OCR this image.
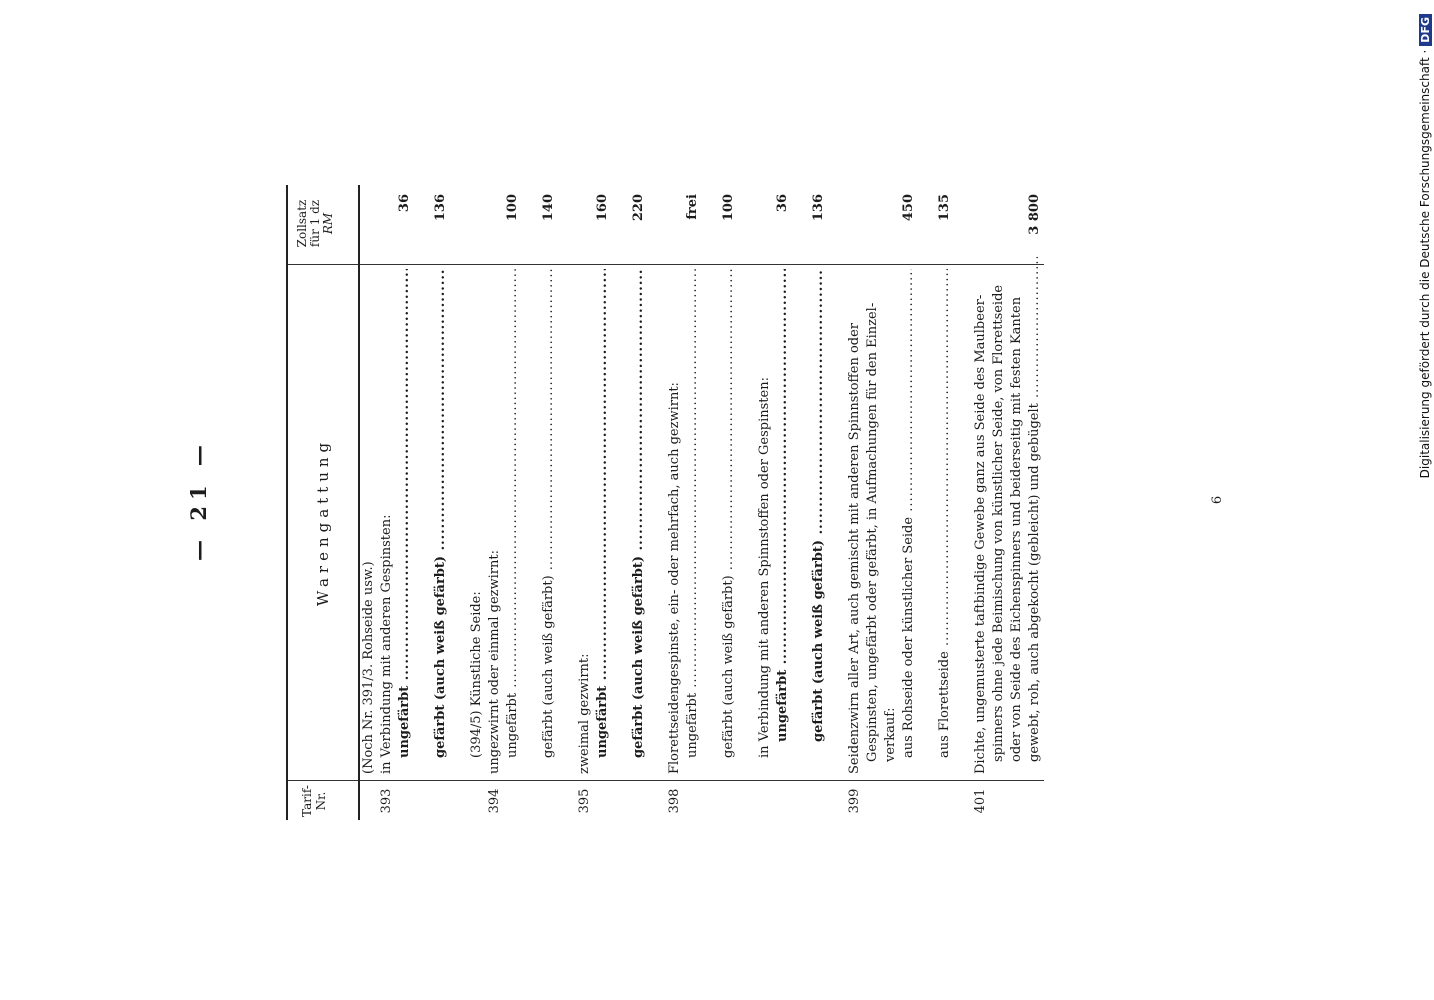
— 21 —
Tarif- Nr.
Warengattung
Zollsatz für 1 dz RM
(Noch Nr. 391/3. Rohseide usw.)
393
in Verbindung mit anderen Gespinsten: ungefärbt .....
36
gefärbt (auch weiß gefärbt) .....
136
(394/5) Künstliche Seide:
394
ungezwirnt oder einmal gezwirnt: ungefärbt .....
100
gefärbt (auch weiß gefärbt) .....
140
395
zweimal gezwirnt: ungefärbt .....
160
gefärbt (auch weiß gefärbt) .....
220
398
Florettseidengespinste, ein- oder mehrfach, auch gezwirnt: ungefärbt .....
frei
gefärbt (auch weiß gefärbt) .....
100
in Verbindung mit anderen Spinnstoffen oder Gespinsten: ungefärbt .....
36
gefärbt (auch weiß gefärbt) .....
136
399
Seidenzwirn aller Art, auch gemischt mit anderen Spinnstoffen oder Gespinsten, ungefärbt oder gefärbt, in Aufmachungen für den Einzel- verkauf: aus Rohseide oder künstlicher Seide .....
450
aus Florettseide .....
135
401
Dichte, ungemusterte taftbindige Gewebe ganz aus Seide des Maulbeer- spinners ohne jede Beimischung von künstlicher Seide, von Florettseide oder von Seide des Eichenspinners und beiderseitig mit festen Kanten gewebt, roh, auch abgekocht (gebleicht) und gebügelt .....
3 800
6
Digitalisierung gefördert durch die Deutsche Forschungsgemeinschaft ·DFG
